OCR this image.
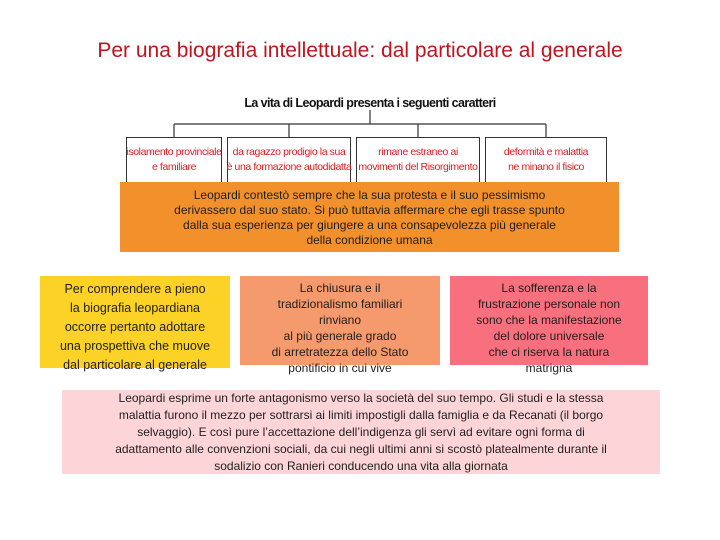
Per una biografia intellettuale: dal particolare al generale
La vita di Leopardi presenta i seguenti caratteri
isolamento provinciale
e familiare
da ragazzo prodigio la sua
è una formazione autodidatta
rimane estraneo ai
movimenti del Risorgimento
deformità e malattia
ne minano il fisico
Leopardi contestò sempre che la sua protesta e il suo pessimismo
derivassero dal suo stato. Si può tuttavia affermare che egli trasse spunto
dalla sua esperienza per giungere a una consapevolezza più generale
della condizione umana
Per comprendere a pieno
la biografia leopardiana
occorre pertanto adottare
una prospettiva che muove
dal particolare al generale
La chiusura e il
tradizionalismo familiari
rinviano
al più generale grado
di arretratezza dello Stato
pontificio in cui vive
La sofferenza e la
frustrazione personale non
sono che la manifestazione
del dolore universale
che ci riserva la natura
matrigna
Leopardi esprime un forte antagonismo verso la società del suo tempo. Gli studi e la stessa
malattia furono il mezzo per sottrarsi ai limiti impostigli dalla famiglia e da Recanati (il borgo
selvaggio). E così pure l’accettazione dell’indigenza gli servì ad evitare ogni forma di
adattamento alle convenzioni sociali, da cui negli ultimi anni si scostò platealmente durante il
sodalizio con Ranieri conducendo una vita alla giornata
